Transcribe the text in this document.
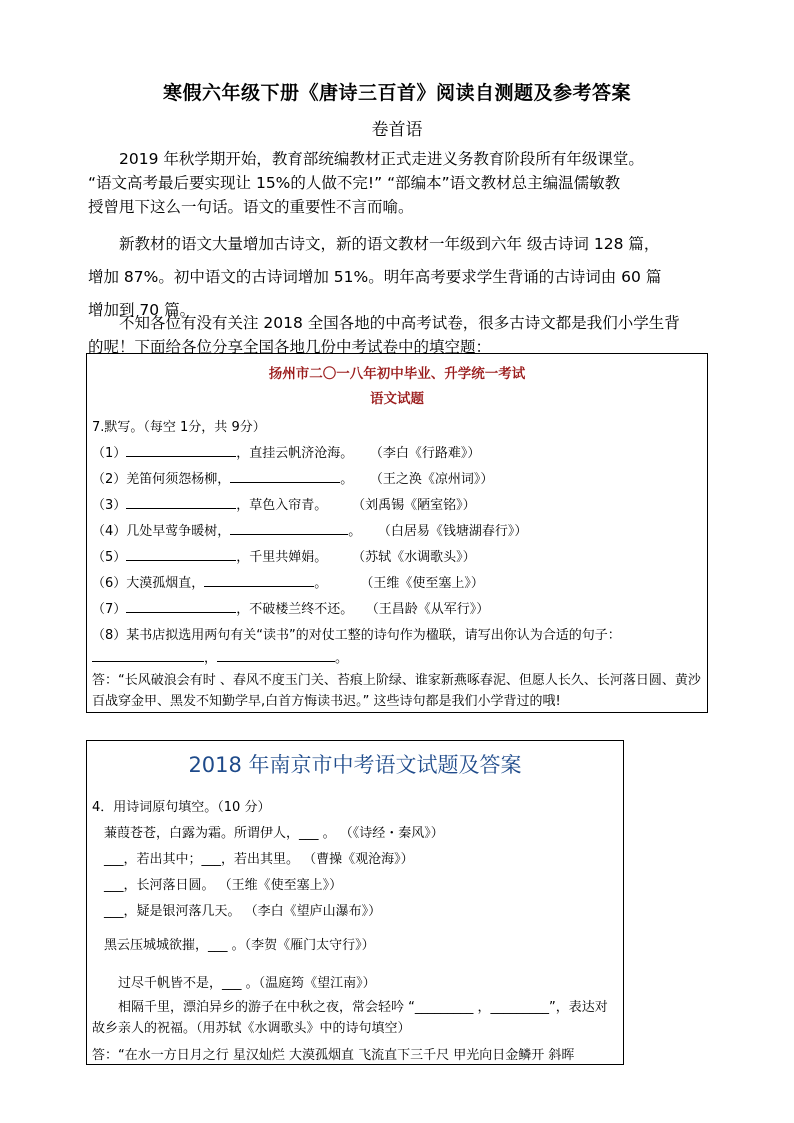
寒假六年级下册《唐诗三百首》阅读自测题及参考答案
卷首语

2019 年秋学期开始，教育部统编教材正式走进义务教育阶段所有年级课堂。

“语文高考最后要实现让 15%的人做不完!” “部编本”语文教材总主编温儒敏教

授曾甩下这么一句话。语文的重要性不言而喻。

新教材的语文大量增加古诗文，新的语文教材一年级到六年 级古诗词 128 篇，

增加 87%。初中语文的古诗词增加 51%。明年高考要求学生背诵的古诗词由 60 篇

增加到 70 篇。

不知各位有没有关注 2018 全国各地的中高考试卷，很多古诗文都是我们小学生背

的呢！下面给各位分享全国各地几份中考试卷中的填空题：

扬州市二〇一八年初中毕业、升学统一考试
语文试题
7.默写。（每空 1分，共 9分）
（1）	，直挂云帆济沧海。 （李白《行路难》）
（2）羌笛何须怨杨柳，	。 （王之涣《凉州词》）
（3）	，草色入帘青。 （刘禹锡《陋室铭》）
（4）几处早莺争暖树，	。 （白居易《钱塘湖春行》）
（5）	，千里共婵娟。 （苏轼《水调歌头》）
（6）大漠孤烟直，	。	（王维《使至塞上》）
（7）	，不破楼兰终不还。 （王昌龄《从军行》）
（8）某书店拟选用两句有关“读书”的对仗工整的诗句作为楹联，请写出你认为合适的句子：
，	。
答：“长风破浪会有时 、春风不度玉门关、苔痕上阶绿、谁家新燕啄春泥、但愿人长久、长河落日圆、黄沙百战穿金甲、黑发不知勤学早,白首方悔读书迟。” 这些诗句都是我们小学背过的哦!
2018 年南京市中考语文试题及答案
4．用诗词原句填空。（10 分）
蒹葭苍苍，白露为霜。所谓伊人，___ 。 （《诗经・秦风》）
___，若出其中；___，若出其里。 （曹操《观沧海》）
___，长河落日圆。 （王维《使至塞上》）
___，疑是银河落几天。 （李白《望庐山瀑布》）
黑云压城城欲摧，___ 。（李贺《雁门太守行》）
过尽千帆皆不是，___ 。（温庭筠《望江南》）
相隔千里，漂泊异乡的游子在中秋之夜，常会轻吟 “_________ ，_________”，表达对故乡亲人的祝福。（用苏轼《水调歌头》中的诗句填空）
答：“在水一方日月之行 星汉灿烂 大漠孤烟直 飞流直下三千尺 甲光向日金鳞开 斜晖
